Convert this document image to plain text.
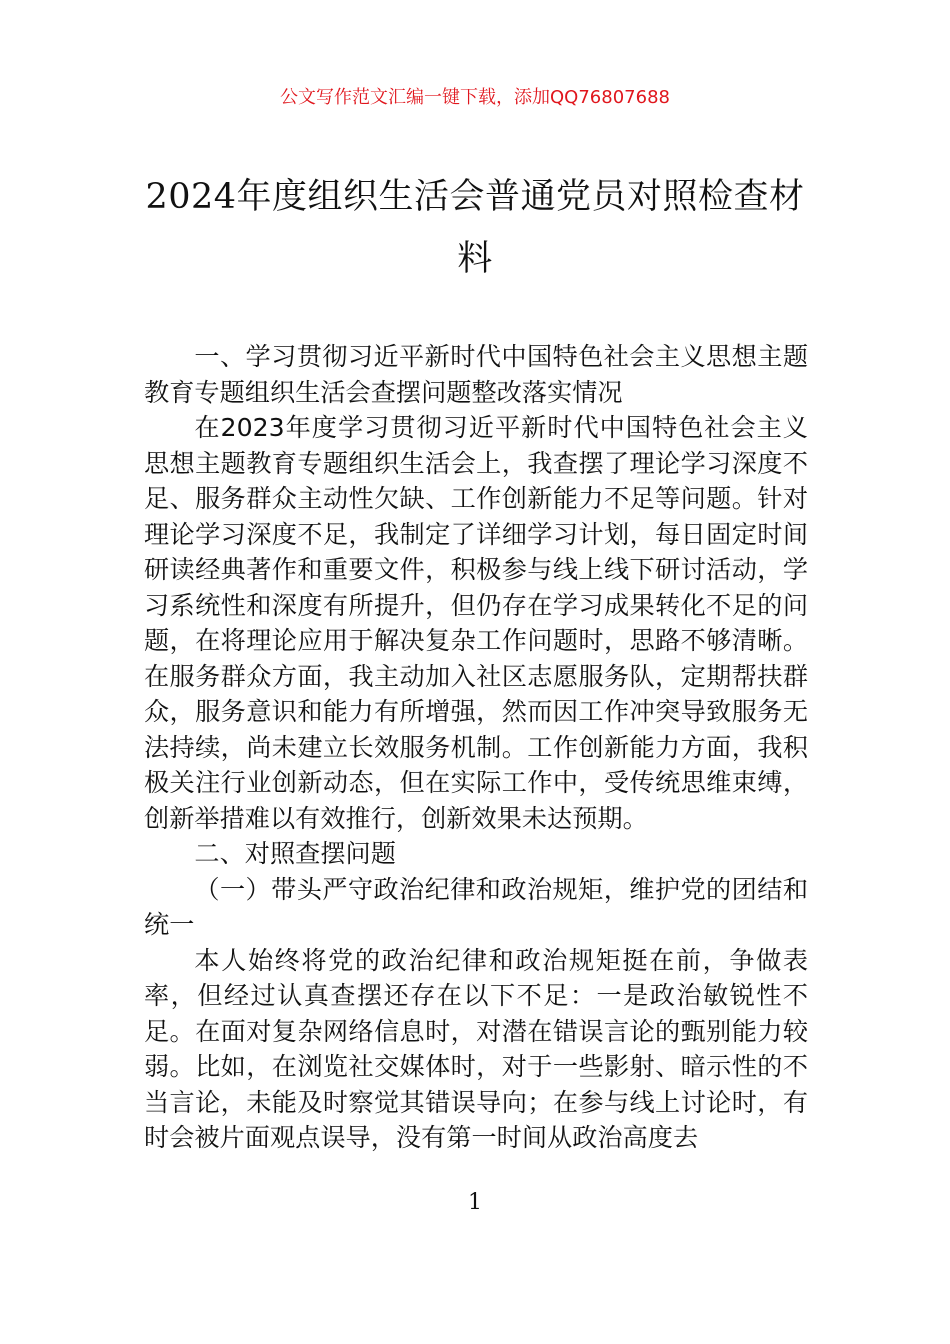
公文写作范文汇编一键下载，添加QQ76807688
2024年度组织生活会普通党员对照检查材料

一、学习贯彻习近平新时代中国特色社会主义思想主题教育专题组织生活会查摆问题整改落实情况

在2023年度学习贯彻习近平新时代中国特色社会主义思想主题教育专题组织生活会上，我查摆了理论学习深度不足、服务群众主动性欠缺、工作创新能力不足等问题。针对理论学习深度不足，我制定了详细学习计划，每日固定时间研读经典著作和重要文件，积极参与线上线下研讨活动，学习系统性和深度有所提升，但仍存在学习成果转化不足的问题，在将理论应用于解决复杂工作问题时，思路不够清晰。在服务群众方面，我主动加入社区志愿服务队，定期帮扶群众，服务意识和能力有所增强，然而因工作冲突导致服务无法持续，尚未建立长效服务机制。工作创新能力方面，我积极关注行业创新动态，但在实际工作中，受传统思维束缚，创新举措难以有效推行，创新效果未达预期。

二、对照查摆问题

（一）带头严守政治纪律和政治规矩，维护党的团结和统一

本人始终将党的政治纪律和政治规矩挺在前，争做表率，但经过认真查摆还存在以下不足：一是政治敏锐性不足。在面对复杂网络信息时，对潜在错误言论的甄别能力较弱。比如，在浏览社交媒体时，对于一些影射、暗示性的不当言论，未能及时察觉其错误导向；在参与线上讨论时，有时会被片面观点误导，没有第一时间从政治高度去

1
